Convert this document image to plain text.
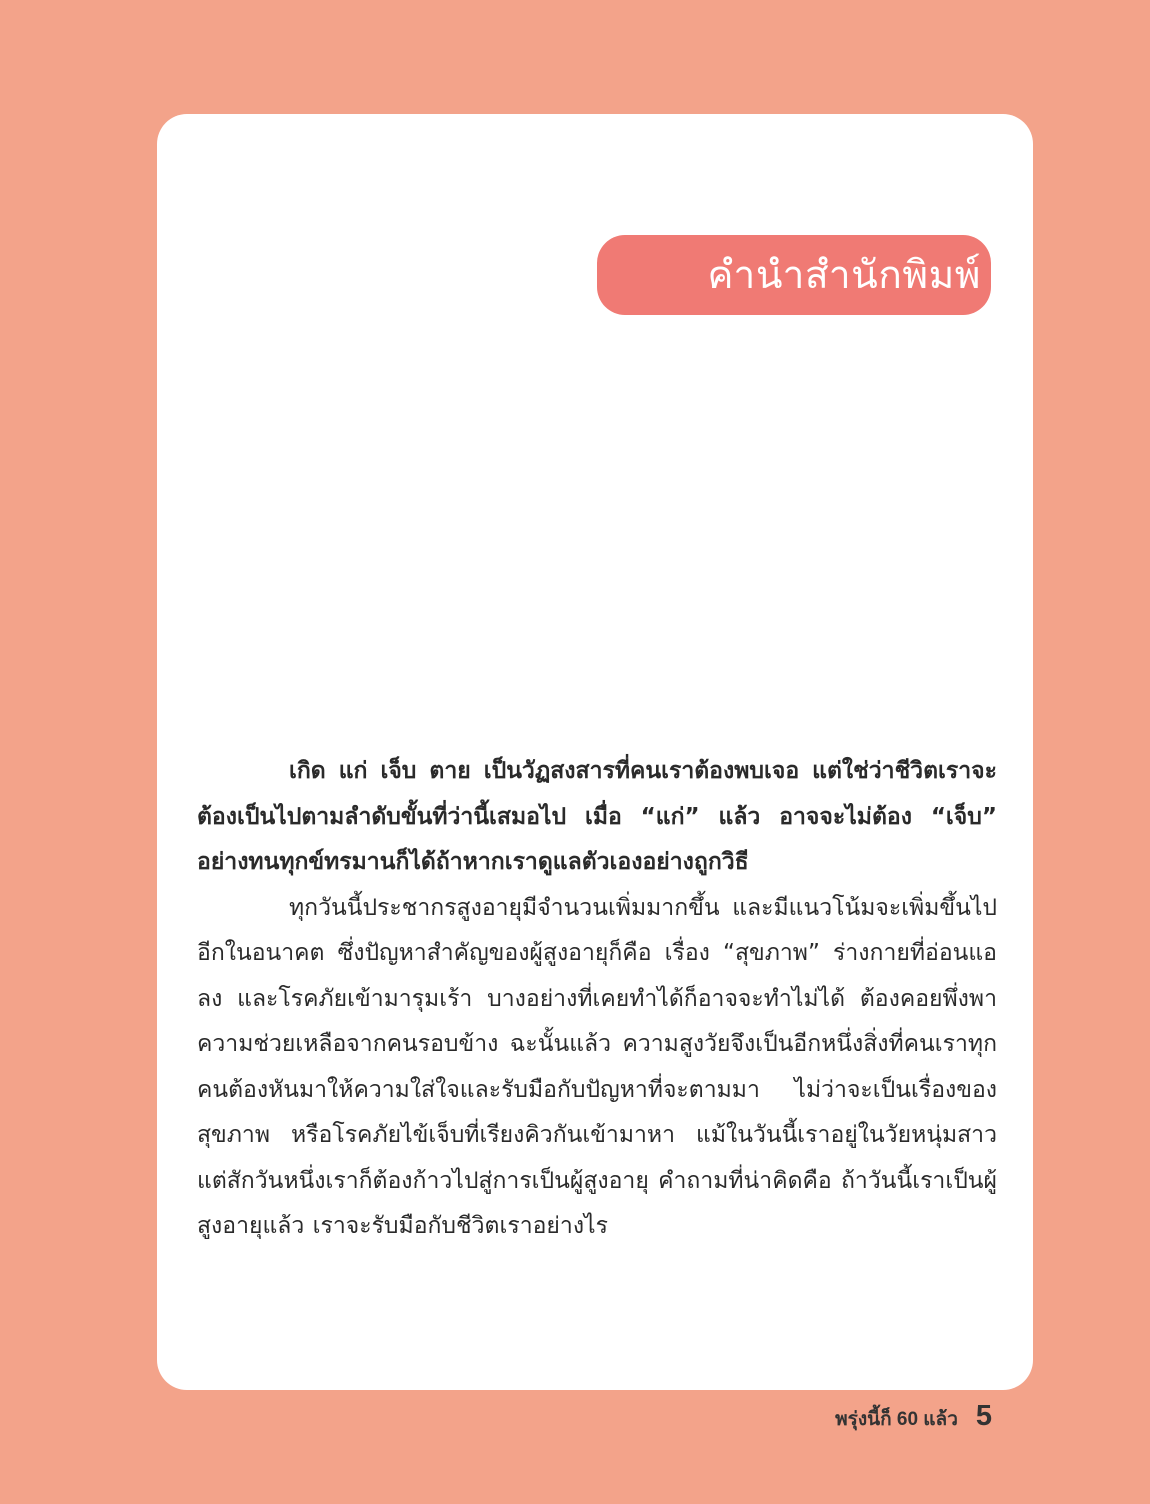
คำนำสำนักพิมพ์

เกิด แก่ เจ็บ ตาย เป็นวัฏสงสารที่คนเราต้องพบเจอ แต่ใช่ว่าชีวิตเราจะต้องเป็นไปตามลำดับขั้นที่ว่านี้เสมอไป เมื่อ “แก่” แล้ว อาจจะไม่ต้อง “เจ็บ” อย่างทนทุกข์ทรมานก็ได้ถ้าหากเราดูแลตัวเองอย่างถูกวิธี

ทุกวันนี้ประชากรสูงอายุมีจำนวนเพิ่มมากขึ้น และมีแนวโน้มจะเพิ่มขึ้นไปอีกในอนาคต ซึ่งปัญหาสำคัญของผู้สูงอายุก็คือ เรื่อง “สุขภาพ” ร่างกายที่อ่อนแอลง และโรคภัยเข้ามารุมเร้า บางอย่างที่เคยทำได้ก็อาจจะทำไม่ได้ ต้องคอยพึ่งพาความช่วยเหลือจากคนรอบข้าง ฉะนั้นแล้ว ความสูงวัยจึงเป็นอีกหนึ่งสิ่งที่คนเราทุกคนต้องหันมาให้ความใส่ใจและรับมือกับปัญหาที่จะตามมา ไม่ว่าจะเป็นเรื่องของสุขภาพ หรือโรคภัยไข้เจ็บที่เรียงคิวกันเข้ามาหา แม้ในวันนี้เราอยู่ในวัยหนุ่มสาว แต่สักวันหนึ่งเราก็ต้องก้าวไปสู่การเป็นผู้สูงอายุ คำถามที่น่าคิดคือ ถ้าวันนี้เราเป็นผู้สูงอายุแล้ว เราจะรับมือกับชีวิตเราอย่างไร

พรุ่งนี้ก็ 60 แล้ว 5
